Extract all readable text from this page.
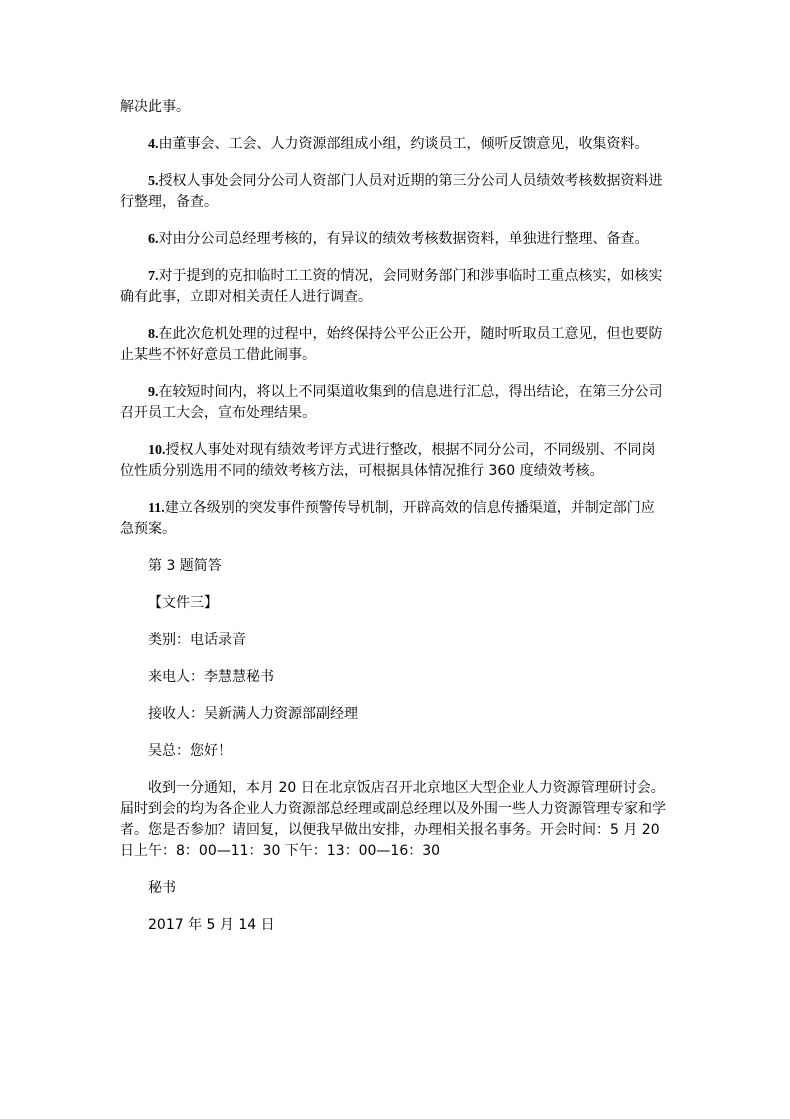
解决此事。

4.由董事会、工会、人力资源部组成小组，约谈员工，倾听反馈意见，收集资料。

5.授权人事处会同分公司人资部门人员对近期的第三分公司人员绩效考核数据资料进行整理，备查。

6.对由分公司总经理考核的，有异议的绩效考核数据资料，单独进行整理、备查。

7.对于提到的克扣临时工工资的情况，会同财务部门和涉事临时工重点核实，如核实确有此事，立即对相关责任人进行调查。

8.在此次危机处理的过程中，始终保持公平公正公开，随时听取员工意见，但也要防止某些不怀好意员工借此闹事。

9.在较短时间内，将以上不同渠道收集到的信息进行汇总，得出结论，在第三分公司召开员工大会，宣布处理结果。

10.授权人事处对现有绩效考评方式进行整改，根据不同分公司，不同级别、不同岗位性质分别选用不同的绩效考核方法，可根据具体情况推行 360 度绩效考核。

11.建立各级别的突发事件预警传导机制，开辟高效的信息传播渠道，并制定部门应急预案。

第 3 题简答

【文件三】

类别：电话录音

来电人：李慧慧秘书

接收人：吴新满人力资源部副经理

吴总：您好！

收到一分通知，本月 20 日在北京饭店召开北京地区大型企业人力资源管理研讨会。届时到会的均为各企业人力资源部总经理或副总经理以及外围一些人力资源管理专家和学者。您是否参加？请回复，以便我早做出安排，办理相关报名事务。开会时间：5 月 20 日上午：8：00—11：30 下午：13：00—16：30

秘书

2017 年 5 月 14 日
